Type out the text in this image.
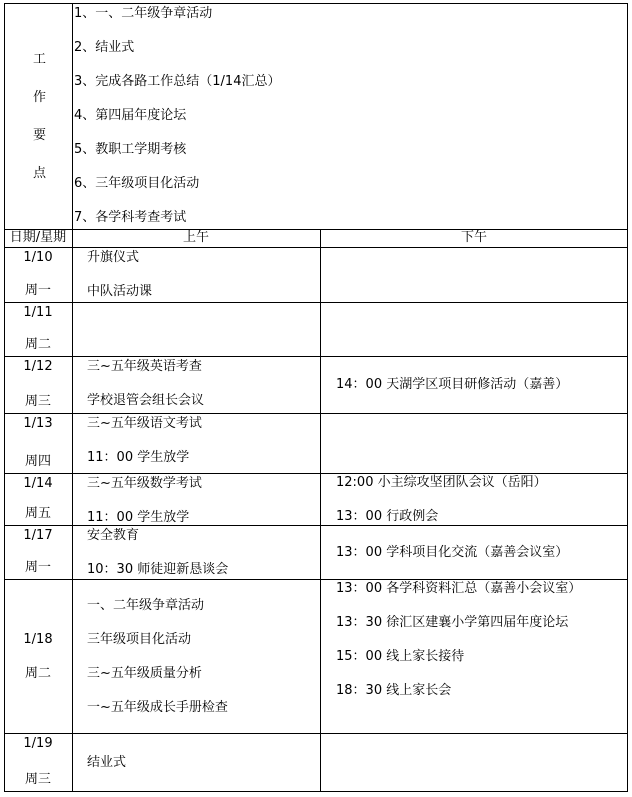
工
作
要
点
1、一、二年级争章活动
2、结业式
3、完成各路工作总结（1/14汇总）
4、第四届年度论坛
5、教职工学期考核
6、三年级项目化活动
7、各学科考查考试
日期/星期	上午	下午
1/10
周一
升旗仪式
中队活动课
1/11
周二
1/12
周三
三~五年级英语考查
学校退管会组长会议
14：00 天湖学区项目研修活动（嘉善）
1/13
周四
三~五年级语文考试
11：00 学生放学
1/14
周五
三~五年级数学考试
11：00 学生放学
12:00 小主综攻坚团队会议（岳阳）
13：00 行政例会
1/17
周一
安全教育
10：30 师徒迎新恳谈会
13：00 学科项目化交流（嘉善会议室）
1/18
周二
一、二年级争章活动
三年级项目化活动
三~五年级质量分析
一~五年级成长手册检查
13：00 各学科资料汇总（嘉善小会议室）
13：30 徐汇区建襄小学第四届年度论坛
15：00 线上家长接待
18：30 线上家长会
1/19
周三
结业式
